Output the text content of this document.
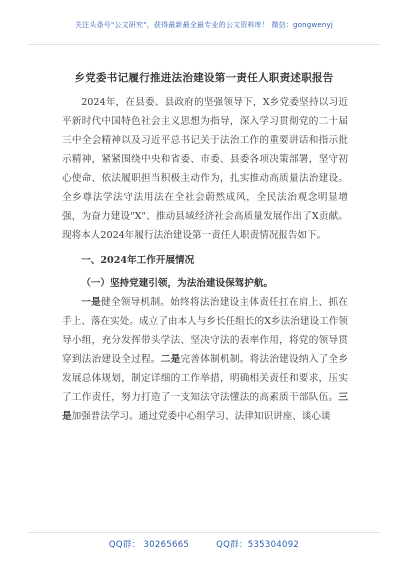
关注头条号"公文研究"，获得最新最全最专业的公文资料库！ 微信：gongwenyj
乡党委书记履行推进法治建设第一责任人职责述职报告

2024年，在县委、县政府的坚强领导下，X乡党委坚持以习近平新时代中国特色社会主义思想为指导，深入学习贯彻党的二十届三中全会精神以及习近平总书记关于法治工作的重要讲话和指示批示精神，紧紧围绕中央和省委、市委、县委各项决策部署，坚守初心使命、依法履职担当积极主动作为，扎实推动高质量法治建设。全乡尊法学法守法用法在全社会蔚然成风，全民法治观念明显增强，为奋力建设"X"、推动县域经济社会高质量发展作出了X贡献。现将本人2024年履行法治建设第一责任人职责情况报告如下。

一、2024年工作开展情况

（一）坚持党建引领，为法治建设保驾护航。

一是健全领导机制。始终将法治建设主体责任扛在肩上、抓在手上、落在实处。成立了由本人与乡长任组长的X乡法治建设工作领导小组，充分发挥带头学法、坚决守法的表率作用，将党的领导贯穿到法治建设全过程。二是完善体制机制。将法治建设纳入了全乡发展总体规划，制定详细的工作举措，明确相关责任和要求，压实了工作责任，努力打造了一支知法守法懂法的高素质干部队伍。三是加强普法学习。通过党委中心组学习、法律知识讲座、谈心谈

QQ群： 30265665	QQ群：535304092
